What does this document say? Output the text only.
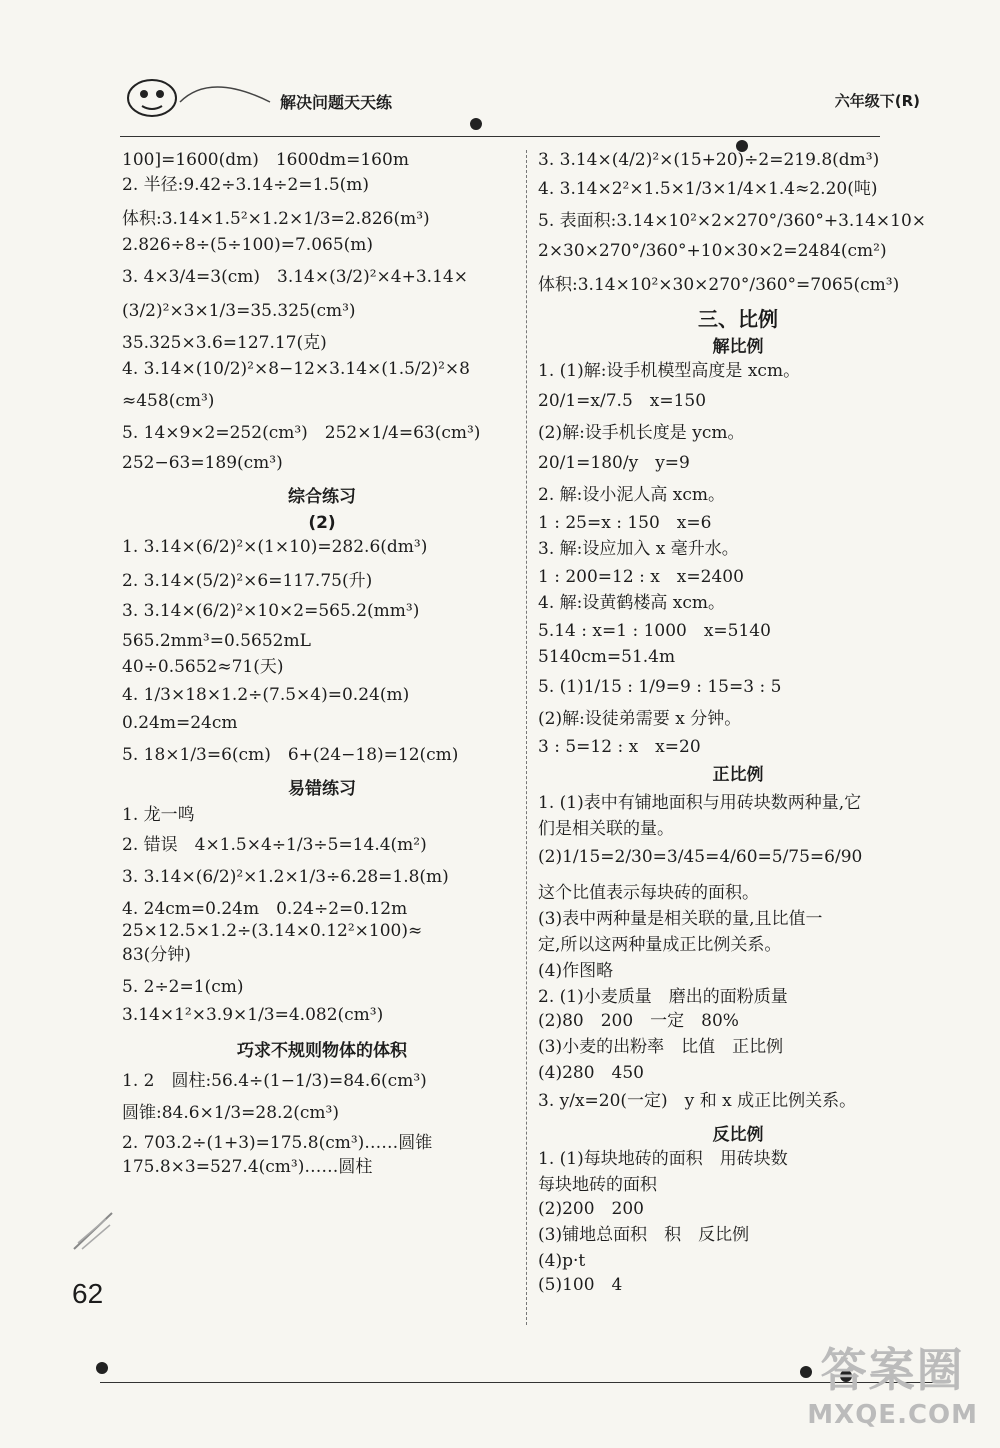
解决问题天天练	六年级下(R)
100]=1600(dm)　1600dm=160m
2. 半径:9.42÷3.14÷2=1.5(m)
体积:3.14×1.5²×1.2×1/3=2.826(m³)
2.826÷8÷(5÷100)=7.065(m)
3. 4×3/4=3(cm)　3.14×(3/2)²×4+3.14×
(3/2)²×3×1/3=35.325(cm³)
35.325×3.6=127.17(克)
4. 3.14×(10/2)²×8−12×3.14×(1.5/2)²×8
≈458(cm³)
5. 14×9×2=252(cm³)　252×1/4=63(cm³)
252−63=189(cm³)
综合练习
(2)
1. 3.14×(6/2)²×(1×10)=282.6(dm³)
2. 3.14×(5/2)²×6=117.75(升)
3. 3.14×(6/2)²×10×2=565.2(mm³)
565.2mm³=0.5652mL
40÷0.5652≈71(天)
4. 1/3×18×1.2÷(7.5×4)=0.24(m)
0.24m=24cm
5. 18×1/3=6(cm)　6+(24−18)=12(cm)
易错练习
1. 龙一鸣
2. 错误　4×1.5×4÷1/3÷5=14.4(m²)
3. 3.14×(6/2)²×1.2×1/3÷6.28=1.8(m)
4. 24cm=0.24m　0.24÷2=0.12m
25×12.5×1.2÷(3.14×0.12²×100)≈
83(分钟)
5. 2÷2=1(cm)
3.14×1²×3.9×1/3=4.082(cm³)
巧求不规则物体的体积
1. 2　圆柱:56.4÷(1−1/3)=84.6(cm³)
圆锥:84.6×1/3=28.2(cm³)
2. 703.2÷(1+3)=175.8(cm³)……圆锥
175.8×3=527.4(cm³)……圆柱
3. 3.14×(4/2)²×(15+20)÷2=219.8(dm³)
4. 3.14×2²×1.5×1/3×1/4×1.4≈2.20(吨)
5. 表面积:3.14×10²×2×270°/360°+3.14×10×
2×30×270°/360°+10×30×2=2484(cm²)
体积:3.14×10²×30×270°/360°=7065(cm³)
三、比例
解比例
1. (1)解:设手机模型高度是 xcm。
20/1=x/7.5　x=150
(2)解:设手机长度是 ycm。
20/1=180/y　y=9
2. 解:设小泥人高 xcm。
1 : 25=x : 150　x=6
3. 解:设应加入 x 毫升水。
1 : 200=12 : x　x=2400
4. 解:设黄鹤楼高 xcm。
5.14 : x=1 : 1000　x=5140
5140cm=51.4m
5. (1)1/15 : 1/9=9 : 15=3 : 5
(2)解:设徒弟需要 x 分钟。
3 : 5=12 : x　x=20
正比例
1. (1)表中有铺地面积与用砖块数两种量,它
们是相关联的量。
(2)1/15=2/30=3/45=4/60=5/75=6/90
这个比值表示每块砖的面积。
(3)表中两种量是相关联的量,且比值一
定,所以这两种量成正比例关系。
(4)作图略
2. (1)小麦质量　磨出的面粉质量
(2)80　200　一定　80%
(3)小麦的出粉率　比值　正比例
(4)280　450
3. y/x=20(一定)　y 和 x 成正比例关系。
反比例
1. (1)每块地砖的面积　用砖块数
每块地砖的面积
(2)200　200
(3)铺地总面积　积　反比例
(4)p·t
(5)100　4
62
答案圈
MXQE.COM
